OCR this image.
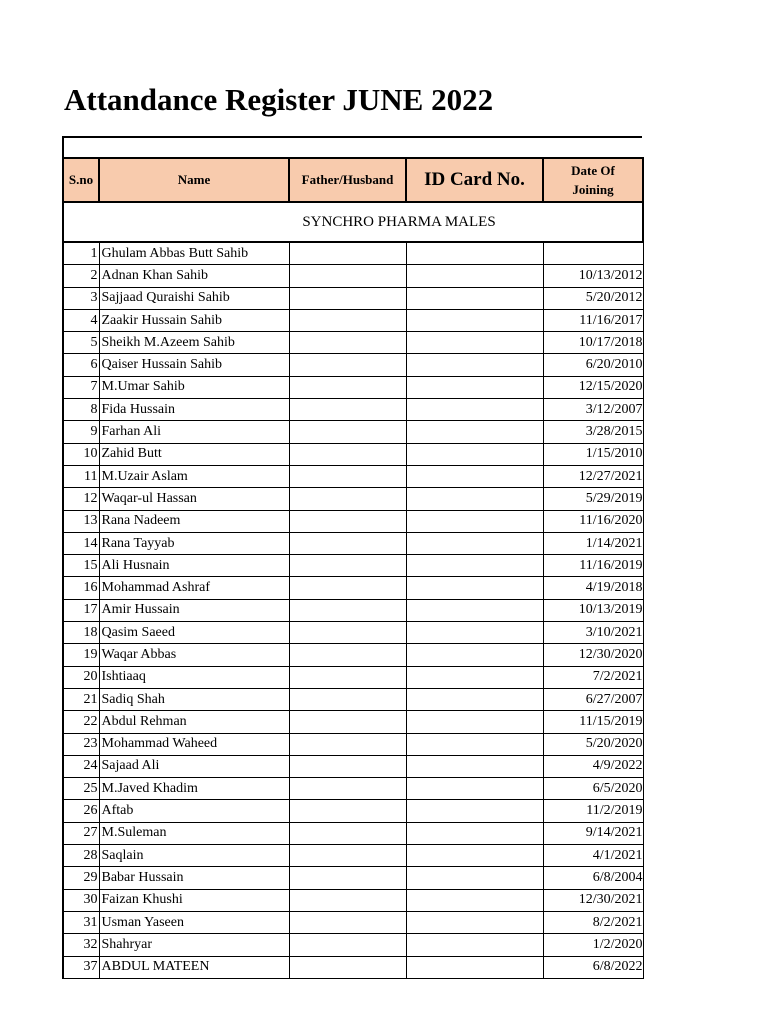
Attandance Register JUNE 2022
S.no	Name	Father/Husband	ID Card No.	Date Of
Joining
SYNCHRO PHARMA MALES				
1	Ghulam Abbas Butt Sahib			
2	Adnan Khan Sahib			10/13/2012
3	Sajjaad Quraishi Sahib			5/20/2012
4	Zaakir Hussain Sahib			11/16/2017
5	Sheikh M.Azeem Sahib			10/17/2018
6	Qaiser Hussain Sahib			6/20/2010
7	M.Umar Sahib			12/15/2020
8	Fida Hussain			3/12/2007
9	Farhan Ali			3/28/2015
10	Zahid Butt			1/15/2010
11	M.Uzair Aslam			12/27/2021
12	Waqar-ul Hassan			5/29/2019
13	Rana Nadeem			11/16/2020
14	Rana Tayyab			1/14/2021
15	Ali Husnain			11/16/2019
16	Mohammad Ashraf			4/19/2018
17	Amir Hussain			10/13/2019
18	Qasim Saeed			3/10/2021
19	Waqar Abbas			12/30/2020
20	Ishtiaaq			7/2/2021
21	Sadiq Shah			6/27/2007
22	Abdul Rehman			11/15/2019
23	Mohammad Waheed			5/20/2020
24	Sajaad Ali			4/9/2022
25	M.Javed Khadim			6/5/2020
26	Aftab			11/2/2019
27	M.Suleman			9/14/2021
28	Saqlain			4/1/2021
29	Babar Hussain			6/8/2004
30	Faizan Khushi			12/30/2021
31	Usman Yaseen			8/2/2021
32	Shahryar			1/2/2020
37	ABDUL MATEEN			6/8/2022
